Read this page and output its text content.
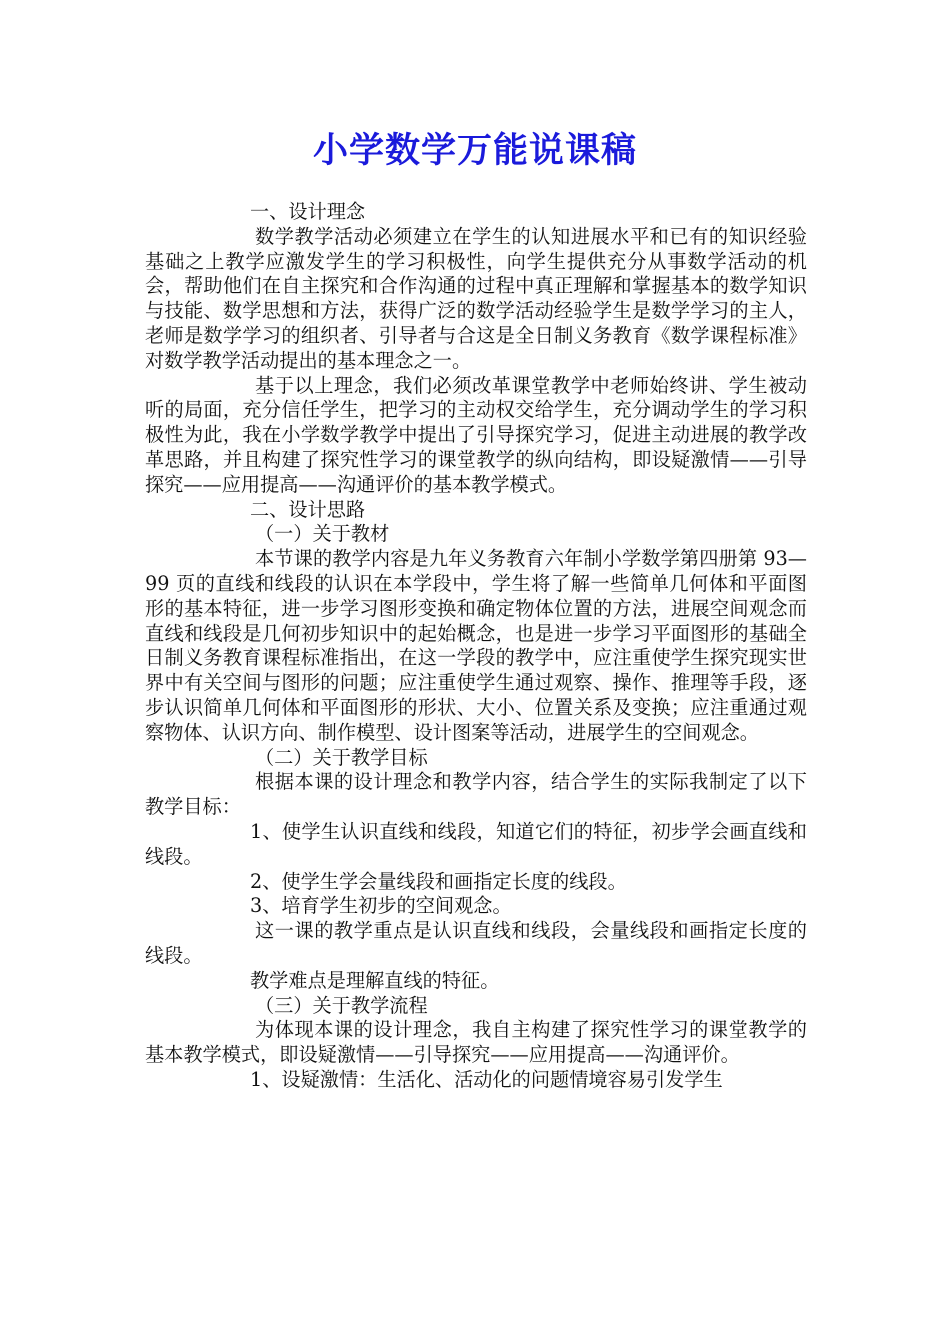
小学数学万能说课稿

一、设计理念

数学教学活动必须建立在学生的认知进展水平和已有的知识经验基础之上教学应激发学生的学习积极性，向学生提供充分从事数学活动的机会，帮助他们在自主探究和合作沟通的过程中真正理解和掌握基本的数学知识与技能、数学思想和方法，获得广泛的数学活动经验学生是数学学习的主人，老师是数学学习的组织者、引导者与合这是全日制义务教育《数学课程标准》对数学教学活动提出的基本理念之一。

基于以上理念，我们必须改革课堂教学中老师始终讲、学生被动听的局面，充分信任学生，把学习的主动权交给学生，充分调动学生的学习积极性为此，我在小学数学教学中提出了引导探究学习，促进主动进展的教学改革思路，并且构建了探究性学习的课堂教学的纵向结构，即设疑激情——引导探究——应用提高——沟通评价的基本教学模式。

二、设计思路

（一）关于教材

本节课的教学内容是九年义务教育六年制小学数学第四册第 93—99 页的直线和线段的认识在本学段中，学生将了解一些简单几何体和平面图形的基本特征，进一步学习图形变换和确定物体位置的方法，进展空间观念而直线和线段是几何初步知识中的起始概念，也是进一步学习平面图形的基础全日制义务教育课程标准指出，在这一学段的教学中，应注重使学生探究现实世界中有关空间与图形的问题；应注重使学生通过观察、操作、推理等手段，逐步认识简单几何体和平面图形的形状、大小、位置关系及变换；应注重通过观察物体、认识方向、制作模型、设计图案等活动，进展学生的空间观念。

（二）关于教学目标

根据本课的设计理念和教学内容，结合学生的实际我制定了以下教学目标：

1、使学生认识直线和线段，知道它们的特征，初步学会画直线和线段。

2、使学生学会量线段和画指定长度的线段。

3、培育学生初步的空间观念。

这一课的教学重点是认识直线和线段，会量线段和画指定长度的线段。

教学难点是理解直线的特征。

（三）关于教学流程

为体现本课的设计理念，我自主构建了探究性学习的课堂教学的基本教学模式，即设疑激情——引导探究——应用提高——沟通评价。

1、设疑激情：生活化、活动化的问题情境容易引发学生
